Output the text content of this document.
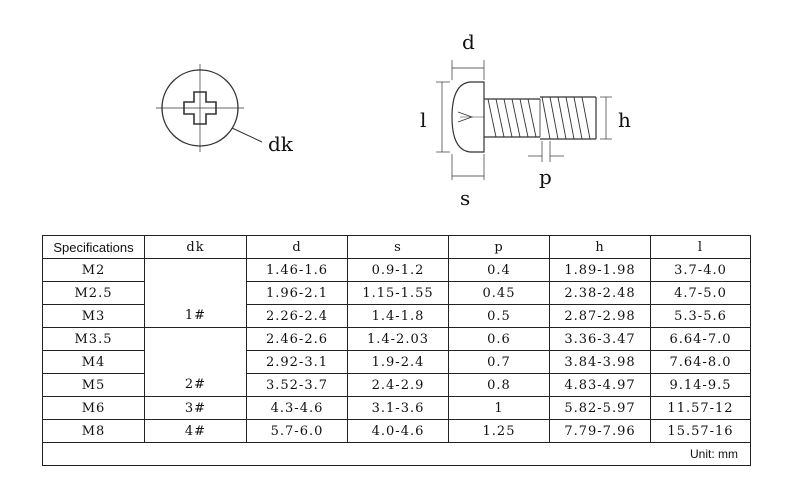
dk
d
l	h
s
p
Specifications	dk	d	s	p	h	l
M2	1#	1.46-1.6	0.9-1.2	0.4	1.89-1.98	3.7-4.0
M2.5		1.96-2.1	1.15-1.55	0.45	2.38-2.48	4.7-5.0
M3		2.26-2.4	1.4-1.8	0.5	2.87-2.98	5.3-5.6
M3.5	2#	2.46-2.6	1.4-2.03	0.6	3.36-3.47	6.64-7.0
M4		2.92-3.1	1.9-2.4	0.7	3.84-3.98	7.64-8.0
M5		3.52-3.7	2.4-2.9	0.8	4.83-4.97	9.14-9.5
M6	3#	4.3-4.6	3.1-3.6	1	5.82-5.97	11.57-12
M8	4#	5.7-6.0	4.0-4.6	1.25	7.79-7.96	15.57-16
Unit: mm						
